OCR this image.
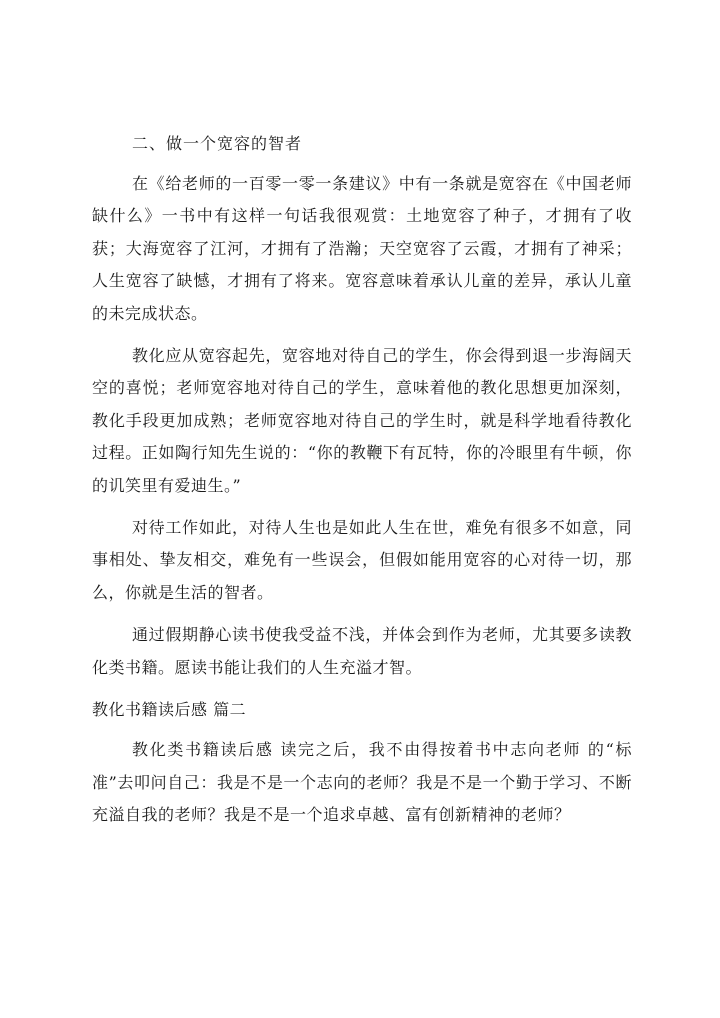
二、做一个宽容的智者

在《给老师的一百零一零一条建议》中有一条就是宽容在《中国老师缺什么》一书中有这样一句话我很观赏：土地宽容了种子，才拥有了收获；大海宽容了江河，才拥有了浩瀚；天空宽容了云霞，才拥有了神采；人生宽容了缺憾，才拥有了将来。宽容意味着承认儿童的差异，承认儿童的未完成状态。

教化应从宽容起先，宽容地对待自己的学生，你会得到退一步海阔天空的喜悦；老师宽容地对待自己的学生，意味着他的教化思想更加深刻，教化手段更加成熟；老师宽容地对待自己的学生时，就是科学地看待教化过程。正如陶行知先生说的：“你的教鞭下有瓦特，你的冷眼里有牛顿，你的讥笑里有爱迪生。”

对待工作如此，对待人生也是如此人生在世，难免有很多不如意，同事相处、挚友相交，难免有一些误会，但假如能用宽容的心对待一切，那么，你就是生活的智者。

通过假期静心读书使我受益不浅，并体会到作为老师，尤其要多读教化类书籍。愿读书能让我们的人生充溢才智。

教化书籍读后感 篇二

教化类书籍读后感 读完之后，我不由得按着书中志向老师 的“标准”去叩问自己：我是不是一个志向的老师？我是不是一个勤于学习、不断充溢自我的老师？我是不是一个追求卓越、富有创新精神的老师？
